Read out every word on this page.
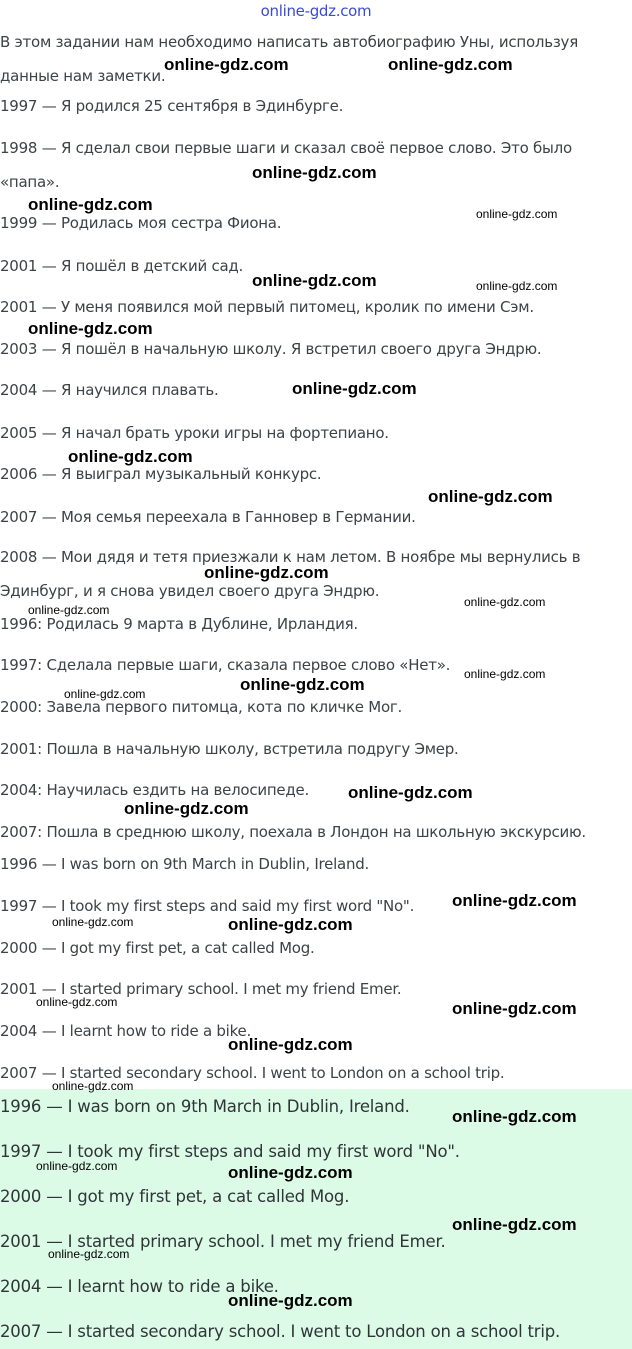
online-gdz.com
В этом задании нам необходимо написать автобиографию Уны, используя
данные нам заметки.
1997 — Я родился 25 сентября в Эдинбурге.
1998 — Я сделал свои первые шаги и сказал своё первое слово. Это было
«папа».
1999 — Родилась моя сестра Фиона.
2001 — Я пошёл в детский сад.
2001 — У меня появился мой первый питомец, кролик по имени Сэм.
2003 — Я пошёл в начальную школу. Я встретил своего друга Эндрю.
2004 — Я научился плавать.
2005 — Я начал брать уроки игры на фортепиано.
2006 — Я выиграл музыкальный конкурс.
2007 — Моя семья переехала в Ганновер в Германии.
2008 — Мои дядя и тетя приезжали к нам летом. В ноябре мы вернулись в
Эдинбург, и я снова увидел своего друга Эндрю.
1996: Родилась 9 марта в Дублине, Ирландия.
1997: Сделала первые шаги, сказала первое слово «Нет».
2000: Завела первого питомца, кота по кличке Мог.
2001: Пошла в начальную школу, встретила подругу Эмер.
2004: Научилась ездить на велосипеде.
2007: Пошла в среднюю школу, поехала в Лондон на школьную экскурсию.
1996 — I was born on 9th March in Dublin, Ireland.
1997 — I took my first steps and said my first word "No".
2000 — I got my first pet, a cat called Mog.
2001 — I started primary school. I met my friend Emer.
2004 — I learnt how to ride a bike.
2007 — I started secondary school. I went to London on a school trip.
1996 — I was born on 9th March in Dublin, Ireland.
1997 — I took my first steps and said my first word "No".
2000 — I got my first pet, a cat called Mog.
2001 — I started primary school. I met my friend Emer.
2004 — I learnt how to ride a bike.
2007 — I started secondary school. I went to London on a school trip.
online-gdz.com	online-gdz.com
online-gdz.com
online-gdz.com	online-gdz.com
online-gdz.com	online-gdz.com
online-gdz.com
online-gdz.com
online-gdz.com
online-gdz.com
online-gdz.com
online-gdz.com
online-gdz.com
online-gdz.com
online-gdz.com
online-gdz.com
online-gdz.com
online-gdz.com
online-gdz.com
online-gdz.com	online-gdz.com
online-gdz.com	online-gdz.com
online-gdz.com
online-gdz.com
online-gdz.com
online-gdz.com	online-gdz.com
online-gdz.com
online-gdz.com
online-gdz.com
